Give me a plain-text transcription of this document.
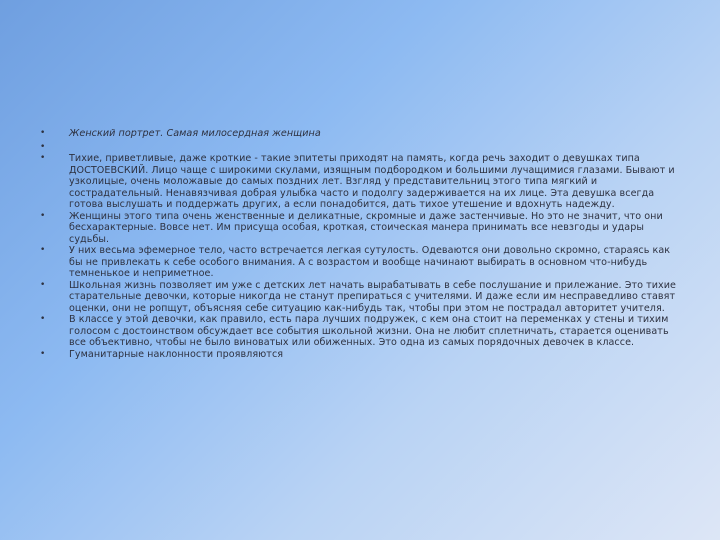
•	Женский портрет. Самая милосердная женщина
•
•	Тихие, приветливые, даже кроткие - такие эпитеты приходят на память, когда речь заходит о девушках типа ДОСТОЕВСКИЙ. Лицо чаще с широкими скулами, изящным подбородком и большими лучащимися глазами. Бывают и узколицые, очень моложавые до самых поздних лет. Взгляд у представительниц этого типа мягкий и сострадательный. Ненавязчивая добрая улыбка часто и подолгу задерживается на их лице. Эта девушка всегда готова выслушать и поддержать других, а если понадобится, дать тихое утешение и вдохнуть надежду.
•	Женщины этого типа очень женственные и деликатные, скромные и даже застенчивые. Но это не значит, что они бесхарактерные. Вовсе нет. Им присуща особая, кроткая, стоическая манера принимать все невзгоды и удары судьбы.
•	У них весьма эфемерное тело, часто встречается легкая сутулость. Одеваются они довольно скромно, стараясь как бы не привлекать к себе особого внимания. А с возрастом и вообще начинают выбирать в основном что-нибудь темненькое и неприметное.
•	Школьная жизнь позволяет им уже с детских лет начать вырабатывать в себе послушание и прилежание. Это тихие старательные девочки, которые никогда не станут препираться с учителями. И даже если им несправедливо ставят оценки, они не ропщут, объясняя себе ситуацию как-нибудь так, чтобы при этом не пострадал авторитет учителя.
•	В классе у этой девочки, как правило, есть пара лучших подружек, с кем она стоит на переменках у стены и тихим голосом с достоинством обсуждает все события школьной жизни. Она не любит сплетничать, старается оценивать все объективно, чтобы не было виноватых или обиженных. Это одна из самых порядочных девочек в классе.
•	Гуманитарные наклонности проявляются
